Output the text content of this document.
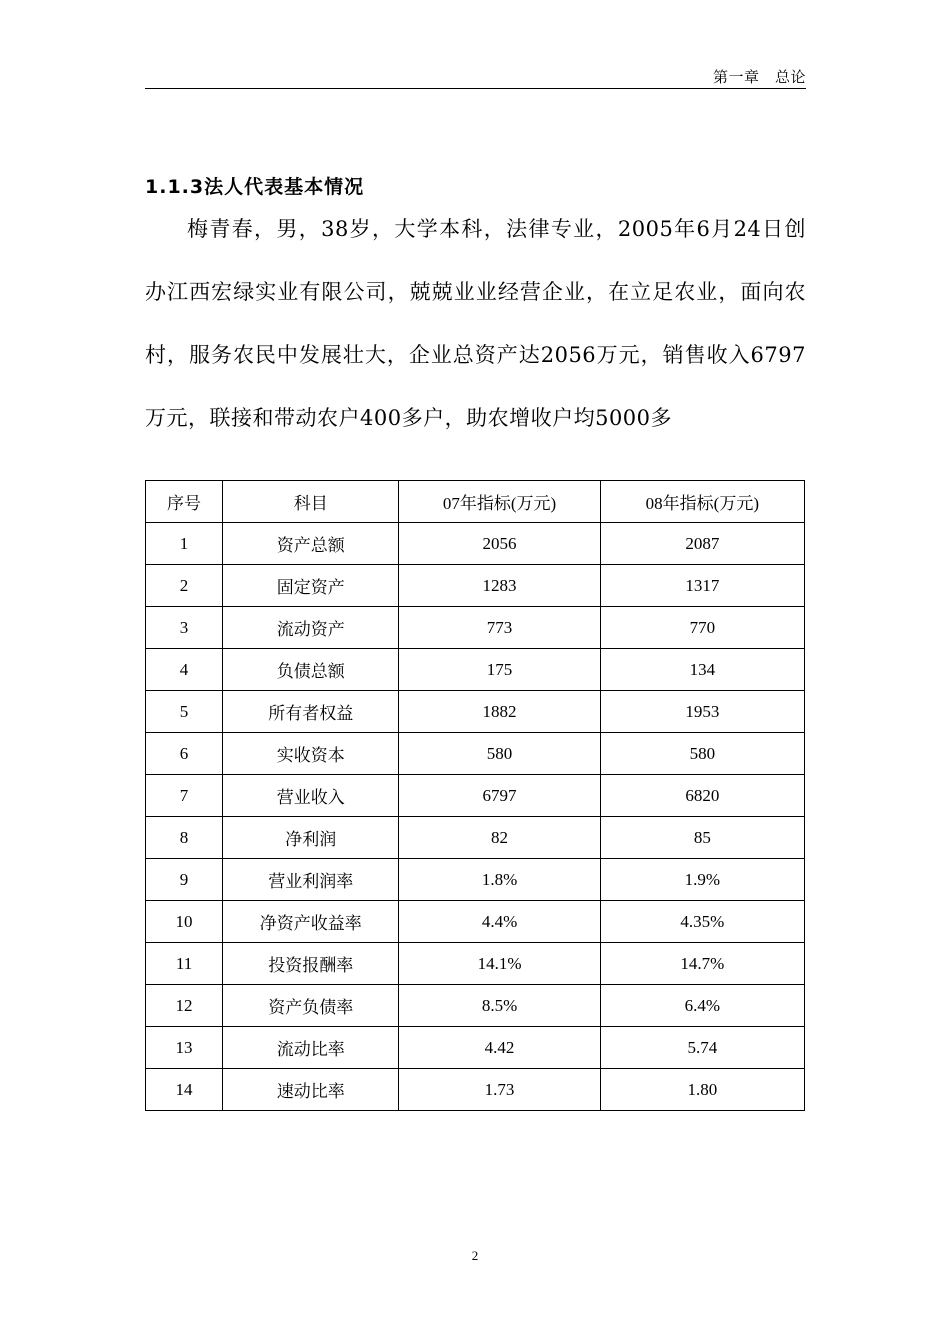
第一章　总论
1.1.3法人代表基本情况

梅青春，男，38岁，大学本科，法律专业，2005年6月24日创办江西宏绿实业有限公司，兢兢业业经营企业，在立足农业，面向农村，服务农民中发展壮大，企业总资产达2056万元，销售收入6797万元，联接和带动农户400多户，助农增收户均5000多

序号	科目	07年指标(万元)	08年指标(万元)
1	资产总额	2056	2087
2	固定资产	1283	1317
3	流动资产	773	770
4	负债总额	175	134
5	所有者权益	1882	1953
6	实收资本	580	580
7	营业收入	6797	6820
8	净利润	82	85
9	营业利润率	1.8%	1.9%
10	净资产收益率	4.4%	4.35%
11	投资报酬率	14.1%	14.7%
12	资产负债率	8.5%	6.4%
13	流动比率	4.42	5.74
14	速动比率	1.73	1.80
2
